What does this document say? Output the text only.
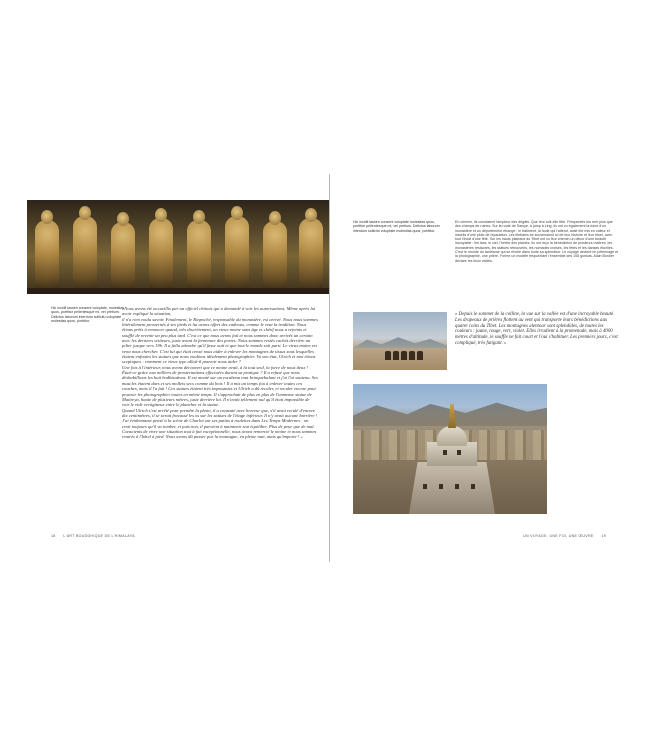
Hic incidit lassen consent voluptate, molestias quos, porttitor pellentesque mi, vel pretium. Delictus laborum interdum sollicitu voluptate molestias quos, porttitor.

«Nous avons été accueillis par un officiel chinois qui a demandé à voir les autorisations. Même après lui avoir expliqué la situation,

il n'a rien voulu savoir. Finalement, le Rinpoché, responsable du monastère, est arrivé. Nous nous sommes littéralement prosternés à ses pieds et lui avons offert des cadeaux, comme le veut la tradition. Nous étions prêts à renoncer quand, très discrètement, un vieux moine sans âge et chétif nous a rejoints et soufflé de revenir un peu plus tard. C'est ce que nous avons fait et nous sommes donc arrivés un certain avec les derniers visiteurs, juste avant la fermeture des portes. Nous sommes restés cachés derrière un pilier jusque vers 19h. Il a fallu attendre qu'il fasse nuit et que tout le monde soit parti. Le vieux moine est venu nous chercher. C'est lui qui était censé nous aider à enlever les montagnes de tissus sous lesquelles étaient enfouies les statues que nous voulions idéalement photographier. Vu son état, Ulrich et moi étions sceptiques : comment ce vieux type allait-il pouvoir nous aider ?

Une fois à l'intérieur, nous avons découvert que ce moine avait, à la tout seul, la force de nous deux ! Était-ce grâce aux milliers de prosternations effectuées durant sa pratique ? Il a refusé que nous déshabillions les huit bodhisattvas. Il est monté sur un escabeau tout brinquebalant et j'ai l'ai soutenu. Ses muscles étaient durs et ses mollets secs comme du bois ! Il a mis un temps fou à enlever toutes ces couches, mais il l'a fait ! Ces statues étaient très imposantes et Ulrich a dû reculer, et reculer encore pour pouvoir les photographier toutes en même temps. Il s'approchait de plus en plus de l'immense statue de Maitreya, haute de plusieurs mètres, juste derrière lui. Il n'avait tellement nul qu'il était impossible de voir le vide vertigineux entre le plancher et la statue.

Quand Ulrich s'est arrêté pour prendre la photo, il a constaté avec horreur que, s'il avait reculé d'encore dix centimètres, il se serait fracassé les os sur les statues de l'étage inférieur. Il n'y avait aucune barrière ! J'ai évidemment pensé à la scène de Charlot sur ses patins à roulettes dans Les Temps Modernes : on croit toujours qu'il va tomber, et puis non, il parvient à maintenir son équilibre. Plus de peur que de mal. Conscients de vivre une situation tout à fait exceptionnelle, nous avons remercié le moine et nous sommes rentrés à l'hôtel à pied. Nous avons dû passer par la montagne, en pleine nuit, mais qu'importe ! »

18 L'ART BOUDDHIQUE DE L'HIMALAYA
Hic incidit lassen consent voluptate molestias quos, porttitor pellentesque mi, vel pretium. Delictus laborum interdum sollicitu voluptate molestias quos, porttitor.
En chemin, ils constatent l'ampleur des dégâts. Que leur soit-elle fête. Fréquentés les rem plus que des champs de ruines. Sur la route de Samye, à jamp à Ling, ils ont vu également la ruine d'un monastère et un déportement étrange : le bâtiment, la foule qui l'attend, avait été mis en valeur et inscrits d'une pluie de réparation. Les tibétains se souvenaient ici de leur histoire et leur rituel, avec tout l'éclat d'une fête. Sur les hauts plateaux du Tibet ont vu leur chemin un décor d'une beauté incroyable : les lacs, le ciel, l'herbe des plaines. Ils ont reçu la bénédiction de plusieurs maîtres, les monastères restaurés, les statues retrouvées, les nomades croisés, les fêtes et les danses rituelles. C'est le monde du tantrisme qui se révèle dans toute sa splendeur. Le voyage devient un pèlerinage et la photographie, une prière. Forme un modèle fréquentant l'ensemble des 108 gonkas. Alain Bordier déclare les lieux visités.
« Depuis le sommet de la colline, la vue sur la vallée est d'une incroyable beauté. Les drapeaux de prières flottent au vent qui transporte leurs bénédictions aux quatre coins du Tibet. Les montagnes alentour sont splendides, de toutes les couleurs : jaune, rouge, vert, violet. Elles irradient à la promenade, mais à 4000 mètres d'altitude, le souffle ne fait court et l'oui s'habituer. Les premiers jours, c'est compliqué, très fatigant. »
UN VOYAGE, UNE FOI, UNE ŒUVRE 19
